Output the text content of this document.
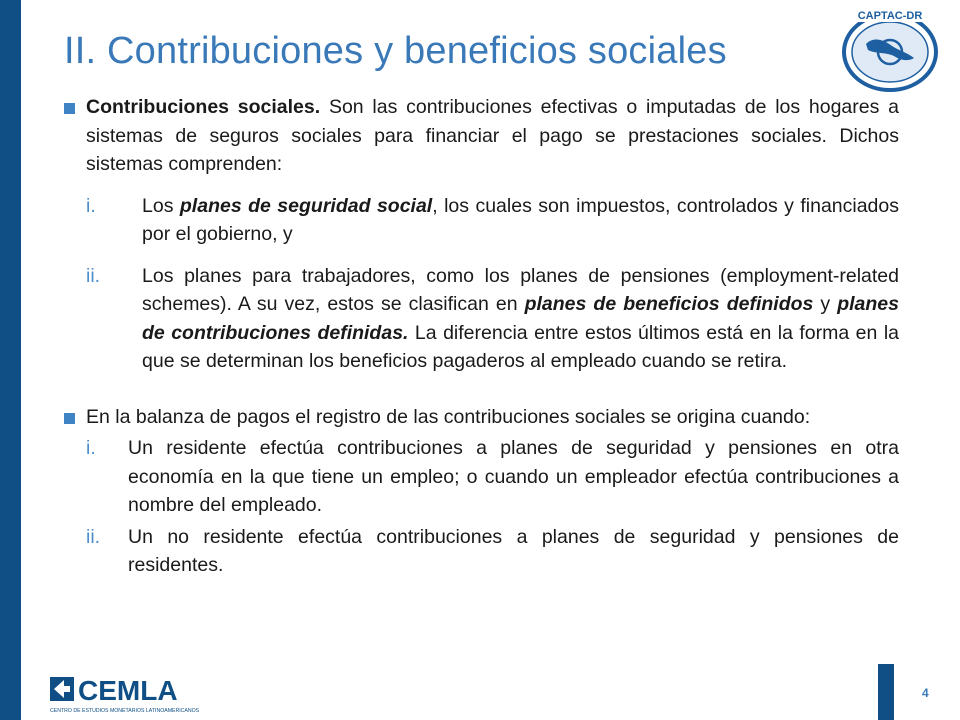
II. Contribuciones y beneficios sociales
CAPTAC-DR
Contribuciones sociales. Son las contribuciones efectivas o imputadas de los hogares a sistemas de seguros sociales para financiar el pago se prestaciones sociales. Dichos sistemas comprenden:
i. Los planes de seguridad social, los cuales son impuestos, controlados y financiados por el gobierno, y
ii. Los planes para trabajadores, como los planes de pensiones (employment-related schemes). A su vez, estos se clasifican en planes de beneficios definidos y planes de contribuciones definidas. La diferencia entre estos últimos está en la forma en la que se determinan los beneficios pagaderos al empleado cuando se retira.
En la balanza de pagos el registro de las contribuciones sociales se origina cuando:
i. Un residente efectúa contribuciones a planes de seguridad y pensiones en otra economía en la que tiene un empleo; o cuando un empleador efectúa contribuciones a nombre del empleado.
ii. Un no residente efectúa contribuciones a planes de seguridad y pensiones de residentes.
CEMLA
CENTRO DE ESTUDIOS MONETARIOS LATINOAMERICANOS
4
